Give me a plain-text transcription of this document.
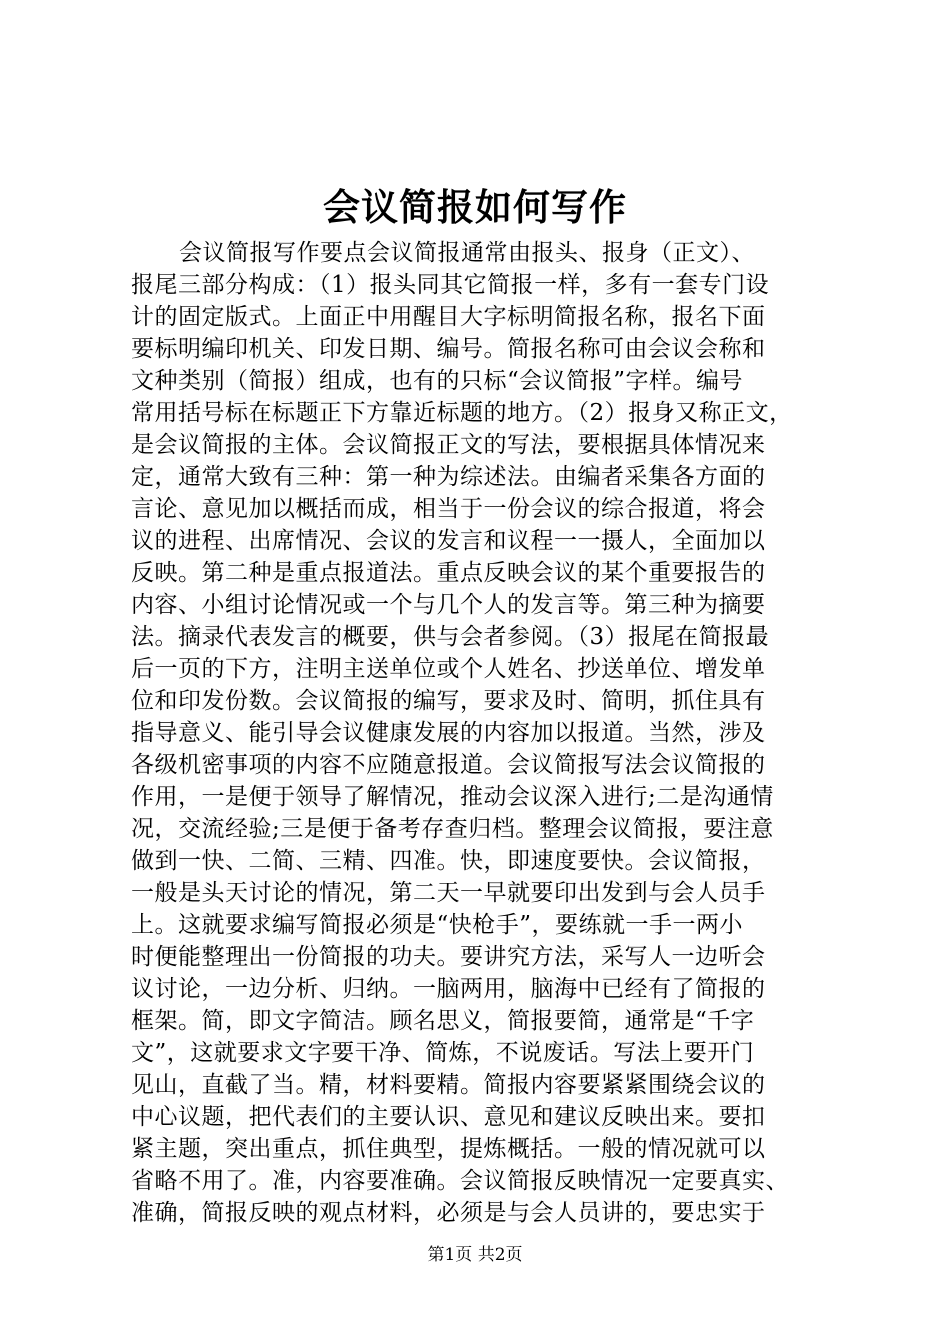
会议简报如何写作
会议简报写作要点会议简报通常由报头、报身（正文）、
报尾三部分构成：（1）报头同其它简报一样，多有一套专门设
计的固定版式。上面正中用醒目大字标明简报名称，报名下面
要标明编印机关、印发日期、编号。简报名称可由会议会称和
文种类别（简报）组成，也有的只标“会议简报”字样。编号
常用括号标在标题正下方靠近标题的地方。（2）报身又称正文，
是会议简报的主体。会议简报正文的写法，要根据具体情况来
定，通常大致有三种：第一种为综述法。由编者采集各方面的
言论、意见加以概括而成，相当于一份会议的综合报道，将会
议的进程、出席情况、会议的发言和议程一一摄人，全面加以
反映。第二种是重点报道法。重点反映会议的某个重要报告的
内容、小组讨论情况或一个与几个人的发言等。第三种为摘要
法。摘录代表发言的概要，供与会者参阅。（3）报尾在简报最
后一页的下方，注明主送单位或个人姓名、抄送单位、增发单
位和印发份数。会议简报的编写，要求及时、简明，抓住具有
指导意义、能引导会议健康发展的内容加以报道。当然，涉及
各级机密事项的内容不应随意报道。会议简报写法会议简报的
作用，一是便于领导了解情况，推动会议深入进行;二是沟通情
况，交流经验;三是便于备考存查归档。整理会议简报，要注意
做到一快、二简、三精、四准。快，即速度要快。会议简报，
一般是头天讨论的情况，第二天一早就要印出发到与会人员手
上。这就要求编写简报必须是“快枪手”，要练就一手一两小
时便能整理出一份简报的功夫。要讲究方法，采写人一边听会
议讨论，一边分析、归纳。一脑两用，脑海中已经有了简报的
框架。简，即文字简洁。顾名思义，简报要简，通常是“千字
文”，这就要求文字要干净、简炼，不说废话。写法上要开门
见山，直截了当。精，材料要精。简报内容要紧紧围绕会议的
中心议题，把代表们的主要认识、意见和建议反映出来。要扣
紧主题，突出重点，抓住典型，提炼概括。一般的情况就可以
省略不用了。准，内容要准确。会议简报反映情况一定要真实、
准确，简报反映的观点材料，必须是与会人员讲的，要忠实于
第1页 共2页
